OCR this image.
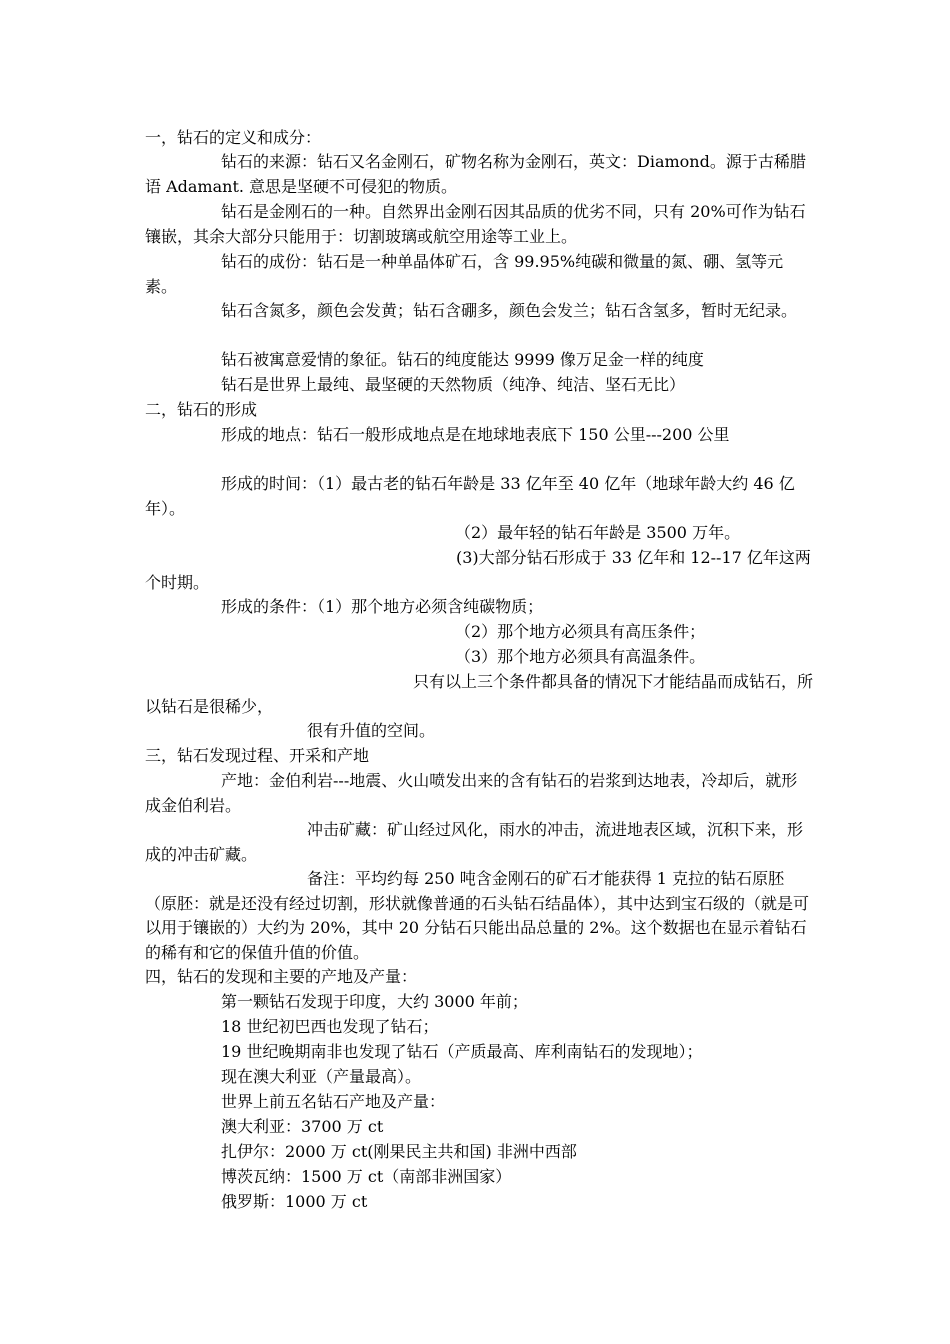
一，钻石的定义和成分：
钻石的来源：钻石又名金刚石，矿物名称为金刚石，英文：Diamond。源于古稀腊语 Adamant. 意思是坚硬不可侵犯的物质。
钻石是金刚石的一种。自然界出金刚石因其品质的优劣不同，只有 20%可作为钻石镶嵌，其余大部分只能用于：切割玻璃或航空用途等工业上。
钻石的成份：钻石是一种单晶体矿石，含 99.95%纯碳和微量的氮、硼、氢等元素。
钻石含氮多，颜色会发黄；钻石含硼多，颜色会发兰；钻石含氢多，暂时无纪录。
钻石被寓意爱情的象征。钻石的纯度能达 9999 像万足金一样的纯度
钻石是世界上最纯、最坚硬的天然物质（纯净、纯洁、坚石无比）
二，钻石的形成
形成的地点：钻石一般形成地点是在地球地表底下 150 公里---200 公里
形成的时间：（1）最古老的钻石年龄是 33 亿年至 40 亿年（地球年龄大约 46 亿年）。
（2）最年轻的钻石年龄是 3500 万年。
(3)大部分钻石形成于 33 亿年和 12--17 亿年这两个时期。
形成的条件：（1）那个地方必须含纯碳物质；
（2）那个地方必须具有高压条件；
（3）那个地方必须具有高温条件。
只有以上三个条件都具备的情况下才能结晶而成钻石，所以钻石是很稀少，
很有升值的空间。
三，钻石发现过程、开采和产地
产地：金伯利岩---地震、火山喷发出来的含有钻石的岩浆到达地表，冷却后，就形成金伯利岩。
冲击矿藏：矿山经过风化，雨水的冲击，流进地表区域，沉积下来，形成的冲击矿藏。
备注：平均约每 250 吨含金刚石的矿石才能获得 1 克拉的钻石原胚（原胚：就是还没有经过切割，形状就像普通的石头钻石结晶体），其中达到宝石级的（就是可以用于镶嵌的）大约为 20%，其中 20 分钻石只能出品总量的 2%。这个数据也在显示着钻石的稀有和它的保值升值的价值。
四，钻石的发现和主要的产地及产量：
第一颗钻石发现于印度，大约 3000 年前；
18 世纪初巴西也发现了钻石；
19 世纪晚期南非也发现了钻石（产质最高、库利南钻石的发现地）；
现在澳大利亚（产量最高）。
世界上前五名钻石产地及产量：
澳大利亚：3700 万 ct
扎伊尔：2000 万 ct(刚果民主共和国) 非洲中西部
博茨瓦纳：1500 万 ct（南部非洲国家）
俄罗斯：1000 万 ct
